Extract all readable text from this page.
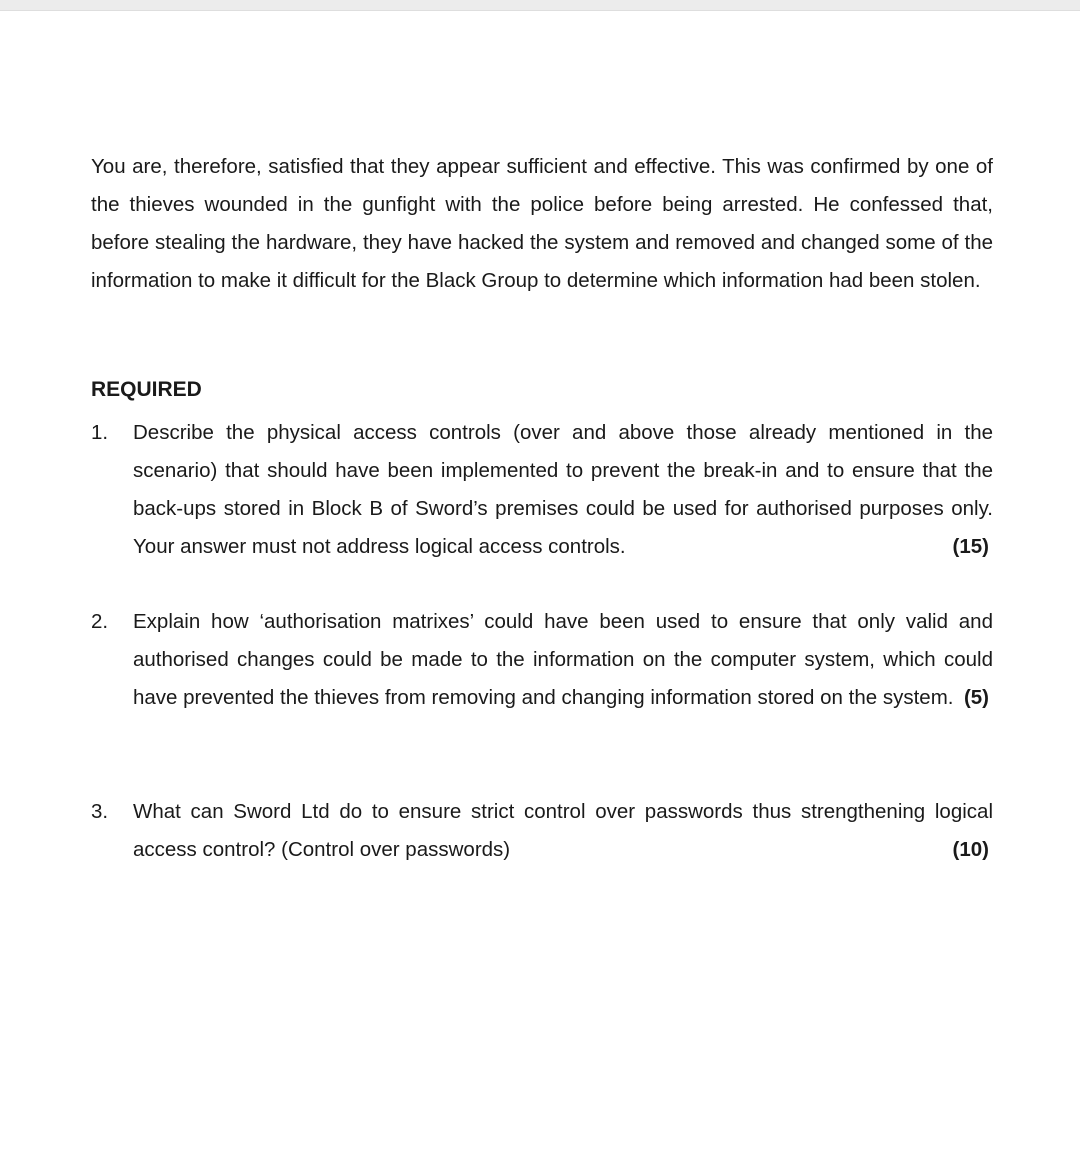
You are, therefore, satisfied that they appear sufficient and effective. This was confirmed by one of the thieves wounded in the gunfight with the police before being arrested. He confessed that, before stealing the hardware, they have hacked the system and removed and changed some of the information to make it difficult for the Black Group to determine which information had been stolen.

REQUIRED

1. Describe the physical access controls (over and above those already mentioned in the scenario) that should have been implemented to prevent the break-in and to ensure that the back-ups stored in Block B of Sword’s premises could be used for authorised purposes only. Your answer must not address logical access controls.	(15)
2. Explain how ‘authorisation matrixes’ could have been used to ensure that only valid and authorised changes could be made to the information on the computer system, which could have prevented the thieves from removing and changing information stored on the system. (5)
3. What can Sword Ltd do to ensure strict control over passwords thus strengthening logical access control? (Control over passwords)	(10)
